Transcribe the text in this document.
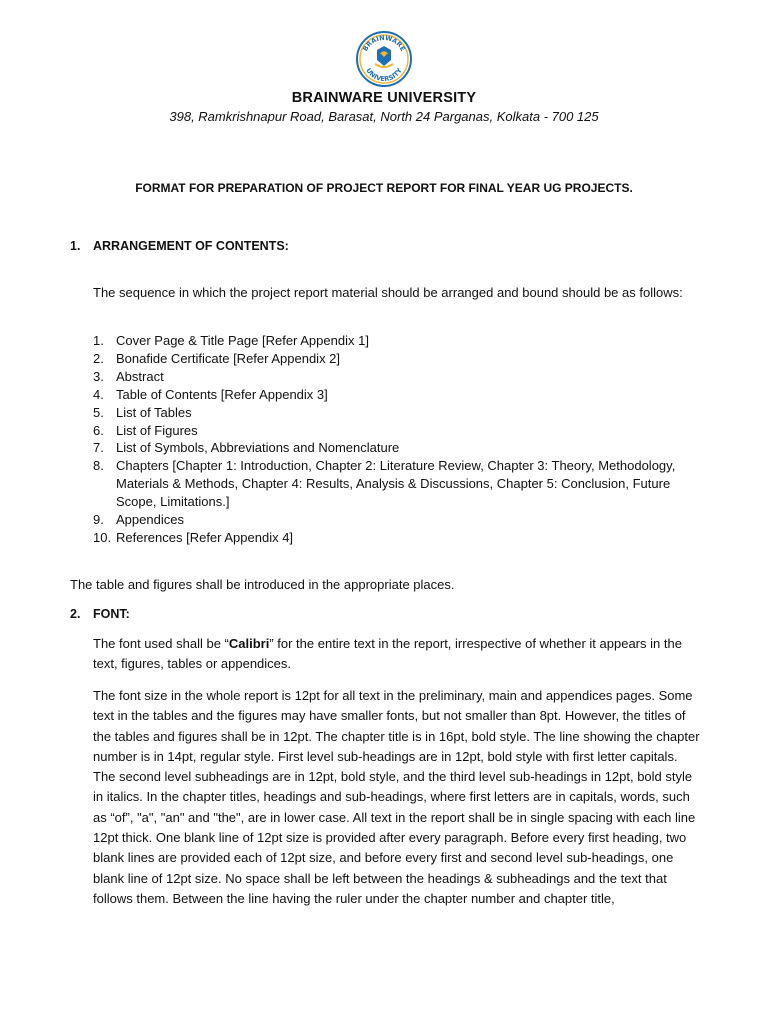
BRAINWARE
UNIVERSITY
BRAINWARE UNIVERSITY
398, Ramkrishnapur Road, Barasat, North 24 Parganas, Kolkata - 700 125
FORMAT FOR PREPARATION OF PROJECT REPORT FOR FINAL YEAR UG PROJECTS.
1. ARRANGEMENT OF CONTENTS:
The sequence in which the project report material should be arranged and bound should be as follows:
1. Cover Page & Title Page [Refer Appendix 1]
2. Bonafide Certificate [Refer Appendix 2]
3. Abstract
4. Table of Contents [Refer Appendix 3]
5. List of Tables
6. List of Figures
7. List of Symbols, Abbreviations and Nomenclature
8. Chapters [Chapter 1: Introduction, Chapter 2: Literature Review, Chapter 3: Theory, Methodology, Materials & Methods, Chapter 4: Results, Analysis & Discussions, Chapter 5: Conclusion, Future Scope, Limitations.]
9. Appendices
10. References [Refer Appendix 4]
The table and figures shall be introduced in the appropriate places.
2. FONT:
The font used shall be “Calibri” for the entire text in the report, irrespective of whether it appears in the text, figures, tables or appendices.
The font size in the whole report is 12pt for all text in the preliminary, main and appendices pages. Some text in the tables and the figures may have smaller fonts, but not smaller than 8pt. However, the titles of the tables and figures shall be in 12pt. The chapter title is in 16pt, bold style. The line showing the chapter number is in 14pt, regular style. First level sub-headings are in 12pt, bold style with first letter capitals. The second level subheadings are in 12pt, bold style, and the third level sub-headings in 12pt, bold style in italics. In the chapter titles, headings and sub-headings, where first letters are in capitals, words, such as “of”, "a", "an" and "the", are in lower case. All text in the report shall be in single spacing with each line 12pt thick. One blank line of 12pt size is provided after every paragraph. Before every first heading, two blank lines are provided each of 12pt size, and before every first and second level sub-headings, one blank line of 12pt size. No space shall be left between the headings & subheadings and the text that follows them. Between the line having the ruler under the chapter number and chapter title,
